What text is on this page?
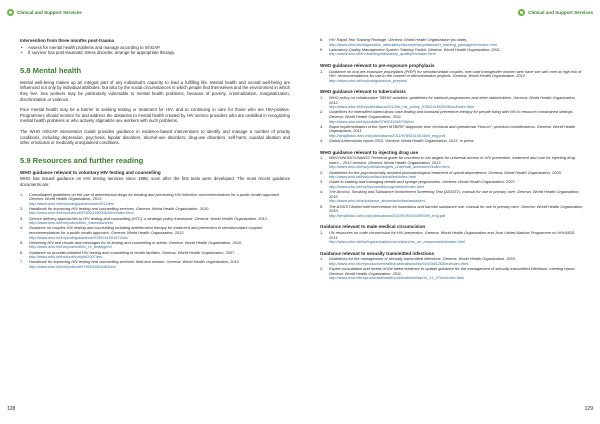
Clinical and Support Services
Intervention from three months post-trauma
• Assess for mental health problems and manage according to mhGAP.
• If survivor has post-traumatic stress disorder, arrange for appropriate therapy.
5.8 Mental health

Mental well-being makes up an integral part of any individual's capacity to lead a fulfilling life. Mental health and overall well-being are influenced not only by individual attributes, but also by the social circumstances in which people find themselves and the environment in which they live. Sex workers may be particularly vulnerable to mental health problems, because of poverty, criminalization, marginalization, discrimination or violence.

Poor mental health may be a barrier to seeking testing or treatment for HIV, and to continuing in care for those who are HIV-positive. Programmes should monitor for and address the obstacles to mental health created by HIV service providers who are unskilled in recognizing mental health problems or who actively stigmatize sex workers with such problems.

The WHO mhGAP Intervention Guide provides guidance in evidence-based interventions to identify and manage a number of priority conditions, including depression, psychosis, bipolar disorders, alcohol-use disorders, drug-use disorders, self-harm, suicidal ideation and other emotional or medically unexplained conditions.

5.9 Resources and further reading
WHO guidance relevant to voluntary HIV testing and counselling

WHO has issued guidance on HIV testing services since 1988, soon after the first tests were developed. The most recent guidance documents are:

1. Consolidated guidelines on the use of antiretroviral drugs for treating and preventing HIV infection: recommendations for a public health approach. Geneva: World Health Organization, 2013.
http://www.who.int/hiv/pub/guidelines/arv2013/en/
2. Handbook for improving HIV testing and counselling services. Geneva: World Health Organization, 2010.
http://www.who.int/hiv/pub/vct/9789241500463/en/index.html
3. Service delivery approaches to HIV testing and counselling (HTC): a strategic policy framework. Geneva: World Health Organization, 2012.
http://www.who.int/hiv/pub/vct/htc_framework/en/
4. Guidance on couples HIV testing and counselling including antiretroviral therapy for treatment and prevention in serodiscordant couples: recommendations for a public health approach. Geneva: World Health Organization, 2012.
http://www.who.int/hiv/pub/guidelines/9789241501972/en/
5. Delivering HIV test results and messages for re-testing and counselling in adults. Geneva: World Health Organization, 2010.
http://www.who.int/hiv/pub/vct/hiv_re_testing/en/
6. Guidance on provider-initiated HIV testing and counselling in health facilities. Geneva: World Health Organization, 2007.
http://www.who.int/hiv/pub/vct/pitc2007/en/
7. Handbook for improving HIV testing and counselling services: field-test version. Geneva: World Health Organization, 2010.
http://www.who.int/hiv/pub/vct/9789241500463/en/
128
Clinical and Support Services
8. HIV Rapid Test Training Package. Geneva: World Health Organization (no date).
http://www.who.int/diagnostics_laboratory/documents/guidance/rt_training_package/en/index.html
9. Laboratory Quality Management System Training Toolkit. Geneva: World Health Organization, 2011.
http://www.who.int/ihr/training/laboratory_quality/en/index.html
WHO guidance relevant to pre-exposure prophylaxis
1. Guidance on oral pre-exposure prophylaxis (PrEP) for serodiscordant couples, men and transgender women who have sex with men at high risk of HIV: recommendations for use in the context of demonstration projects. Geneva: World Health Organization, 2012.
http://www.who.int/hiv/pub/guidance_prep/en/
WHO guidance relevant to tuberculosis
1. WHO policy on collaborative TB/HIV activities: guidelines for national programmes and other stakeholders. Geneva: World Health Organization, 2012.
http://www.who.int/tb/publications/2012/tb_hiv_policy_9789241503006/en/index.html
2. Guidelines for intensified tuberculosis case-finding and isoniazid preventive therapy for people living with HIV in resource-constrained settings. Geneva: World Health Organization, 2011.
http://www.who.int/hiv/pub/tb/9789241500708/en/
3. Rapid implementation of the Xpert MTB/RIF diagnostic test: technical and operational "How-to"; practical considerations. Geneva: World Health Organization, 2011.
http://whqlibdoc.who.int/publications/2011/9789241501569_eng.pdf
4. Global tuberculosis report 2013. Geneva: World Health Organization, 2013. In press.
WHO guidance relevant to injecting drug use
1. WHO/UNODC/UNAIDS Technical guide for countries to set targets for universal access to HIV prevention, treatment and care for injecting drug users – 2012 revision. Geneva: World Health Organization, 2013.
http://www.who.int/hiv/pub/idu/targets_universal_access/en/index.html
2. Guidelines for the psychosocially assisted pharmacological treatment of opioid dependence. Geneva: World Health Organization, 2009.
http://www.who.int/hiv/pub/idu/opioid/en/index.html
3. Guide to starting and managing needle and syringe programmes. Geneva: World Health Organization, 2007.
http://www.who.int/hiv/idu/needleprogram/en/index.html
4. The Alcohol, Smoking and Substance Involvement Screening Test (ASSIST): manual for use in primary care. Geneva: World Health Organization, 2010.
http://www.who.int/substance_abuse/activities/assist/en/
5. The ASSIST-linked brief intervention for hazardous and harmful substance use: manual for use in primary care. Geneva: World Health Organization, 2010.
http://whqlibdoc.who.int/publications/2010/9789241599399_eng.pdf
Guidance relevant to male medical circumcision
1. UN resources on male circumcision for HIV prevention. Geneva: World Health Organization and Joint United Nations Programme on HIV/AIDS, 2011.
http://www.who.int/hiv/topics/malecircumcision/mc_un_resources/en/index.html
Guidance relevant to sexually transmitted infections
1. Guidelines for the management of sexually transmitted infections. Geneva: World Health Organization, 2003.
http://www.who.int/reproductivehealth/publications/rtis/9241546263/en/index.html
2. Expert consultation and review of the latest evidence to update guidance for the management of sexually transmitted infections: meeting report. Geneva: World Health Organization, 2011.
http://www.who.int/reproductivehealth/publications/rtis/rhr_11_37/en/index.html
129
